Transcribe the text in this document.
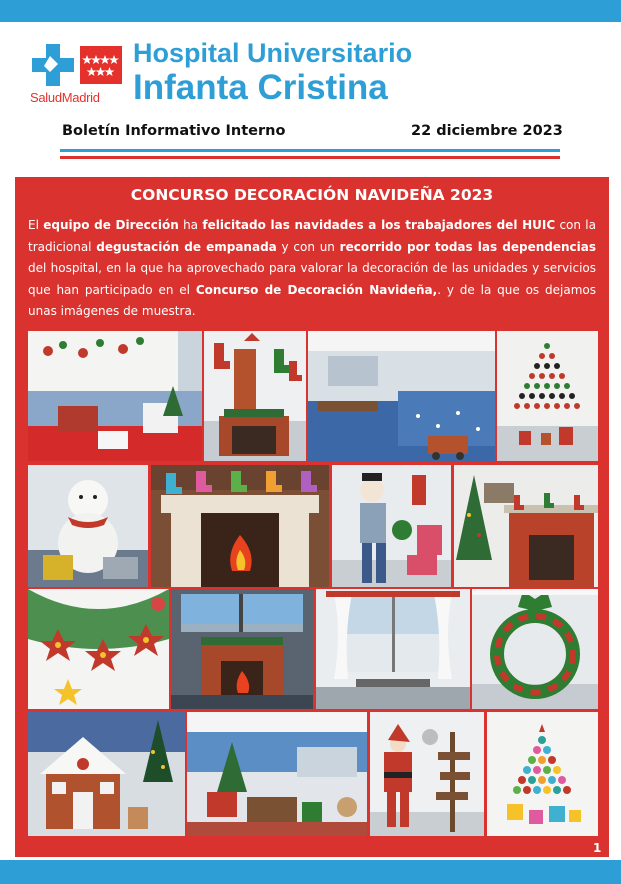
SaludMadrid
Hospital Universitario
Infanta Cristina
Boletín Informativo Interno	22 diciembre 2023
CONCURSO DECORACIÓN NAVIDEÑA 2023
El equipo de Dirección ha felicitado las navidades a los trabajadores del HUIC con la tradicional degustación de empanada y con un recorrido por todas las dependencias del hospital, en la que ha aprovechado para valorar la decoración de las unidades y servicios que han participado en el Concurso de Decoración Navideña,. y de la que os dejamos unas imágenes de muestra.
1
